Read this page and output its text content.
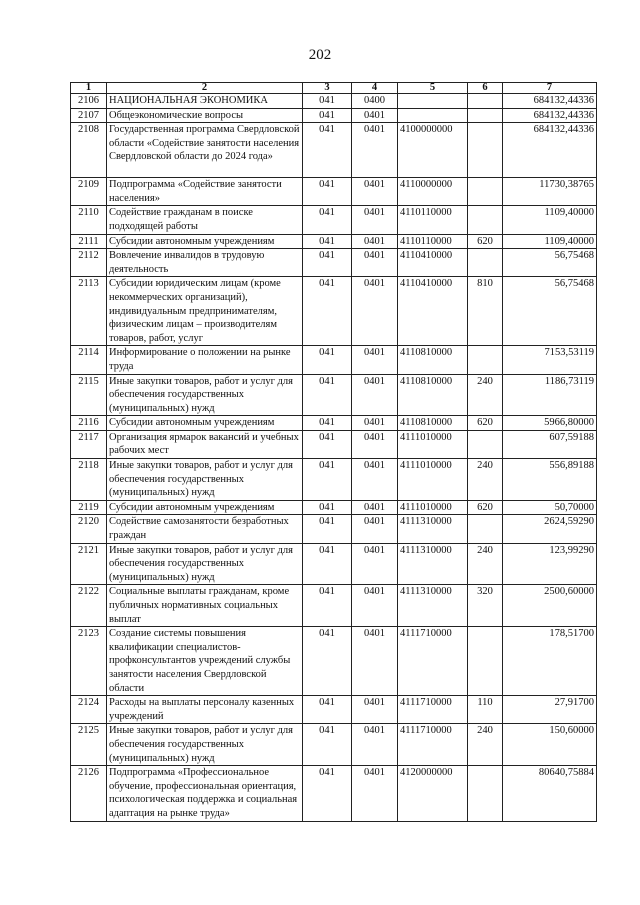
202
1	2	3	4	5	6	7
2106	НАЦИОНАЛЬНАЯ ЭКОНОМИКА	041	0400			684132,44336
2107	Общеэкономические вопросы	041	0401			684132,44336
2108	Государственная программа Свердловской области «Содействие занятости населения Свердловской области до 2024 года»	041	0401	4100000000		684132,44336
2109	Подпрограмма «Содействие занятости населения»	041	0401	4110000000		11730,38765
2110	Содействие гражданам в поиске подходящей работы	041	0401	4110110000		1109,40000
2111	Субсидии автономным учреждениям	041	0401	4110110000	620	1109,40000
2112	Вовлечение инвалидов в трудовую деятельность	041	0401	4110410000		56,75468
2113	Субсидии юридическим лицам (кроме некоммерческих организаций), индивидуальным предпринимателям, физическим лицам – производителям товаров, работ, услуг	041	0401	4110410000	810	56,75468
2114	Информирование о положении на рынке труда	041	0401	4110810000		7153,53119
2115	Иные закупки товаров, работ и услуг для обеспечения государственных (муниципальных) нужд	041	0401	4110810000	240	1186,73119
2116	Субсидии автономным учреждениям	041	0401	4110810000	620	5966,80000
2117	Организация ярмарок вакансий и учебных рабочих мест	041	0401	4111010000		607,59188
2118	Иные закупки товаров, работ и услуг для обеспечения государственных (муниципальных) нужд	041	0401	4111010000	240	556,89188
2119	Субсидии автономным учреждениям	041	0401	4111010000	620	50,70000
2120	Содействие самозанятости безработных граждан	041	0401	4111310000		2624,59290
2121	Иные закупки товаров, работ и услуг для обеспечения государственных (муниципальных) нужд	041	0401	4111310000	240	123,99290
2122	Социальные выплаты гражданам, кроме публичных нормативных социальных выплат	041	0401	4111310000	320	2500,60000
2123	Создание системы повышения квалификации специалистов-профконсультантов учреждений службы занятости населения Свердловской области	041	0401	4111710000		178,51700
2124	Расходы на выплаты персоналу казенных учреждений	041	0401	4111710000	110	27,91700
2125	Иные закупки товаров, работ и услуг для обеспечения государственных (муниципальных) нужд	041	0401	4111710000	240	150,60000
2126	Подпрограмма «Профессиональное обучение, профессиональная ориентация, психологическая поддержка и социальная адаптация на рынке труда»	041	0401	4120000000		80640,75884
